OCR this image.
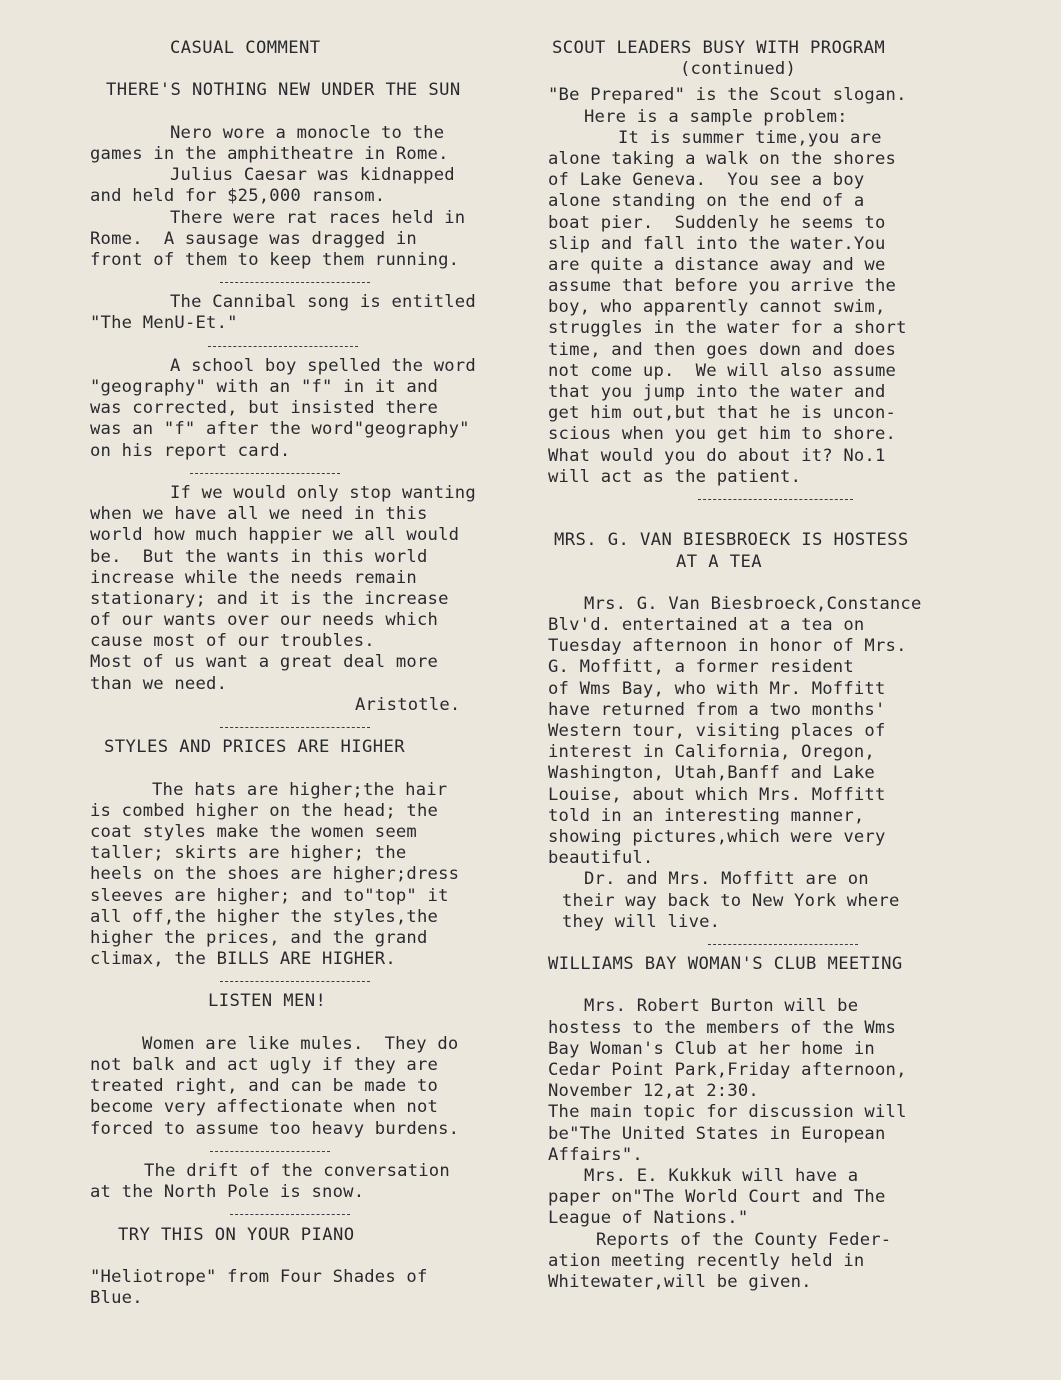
CASUAL COMMENT
THERE'S NOTHING NEW UNDER THE SUN
Nero wore a monocle to the
games in the amphitheatre in Rome.
Julius Caesar was kidnapped
and held for $25,000 ransom.
There were rat races held in
Rome.  A sausage was dragged in
front of them to keep them running.
The Cannibal song is entitled
"The MenU-Et."
A school boy spelled the word
"geography" with an "f" in it and
was corrected, but insisted there
was an "f" after the word"geography"
on his report card.
If we would only stop wanting
when we have all we need in this
world how much happier we all would
be.  But the wants in this world
increase while the needs remain
stationary; and it is the increase
of our wants over our needs which
cause most of our troubles.
Most of us want a great deal more
than we need.
Aristotle.
STYLES AND PRICES ARE HIGHER
The hats are higher;the hair
is combed higher on the head; the
coat styles make the women seem
taller; skirts are higher; the
heels on the shoes are higher;dress
sleeves are higher; and to"top" it
all off,the higher the styles,the
higher the prices, and the grand
climax, the BILLS ARE HIGHER.
LISTEN MEN!
Women are like mules.  They do
not balk and act ugly if they are
treated right, and can be made to
become very affectionate when not
forced to assume too heavy burdens.
The drift of the conversation
at the North Pole is snow.
TRY THIS ON YOUR PIANO
"Heliotrope" from Four Shades of
Blue.
SCOUT LEADERS BUSY WITH PROGRAM
(continued)
"Be Prepared" is the Scout slogan.
Here is a sample problem:
It is summer time,you are
alone taking a walk on the shores
of Lake Geneva.  You see a boy
alone standing on the end of a
boat pier.  Suddenly he seems to
slip and fall into the water.You
are quite a distance away and we
assume that before you arrive the
boy, who apparently cannot swim,
struggles in the water for a short
time, and then goes down and does
not come up.  We will also assume
that you jump into the water and
get him out,but that he is uncon-
scious when you get him to shore.
What would you do about it? No.1
will act as the patient.
MRS. G. VAN BIESBROECK IS HOSTESS
AT A TEA
Mrs. G. Van Biesbroeck,Constance
Blv'd. entertained at a tea on
Tuesday afternoon in honor of Mrs.
G. Moffitt, a former resident
of Wms Bay, who with Mr. Moffitt
have returned from a two months'
Western tour, visiting places of
interest in California, Oregon,
Washington, Utah,Banff and Lake
Louise, about which Mrs. Moffitt
told in an interesting manner,
showing pictures,which were very
beautiful.
Dr. and Mrs. Moffitt are on
their way back to New York where
they will live.
WILLIAMS BAY WOMAN'S CLUB MEETING
Mrs. Robert Burton will be
hostess to the members of the Wms
Bay Woman's Club at her home in
Cedar Point Park,Friday afternoon,
November 12,at 2:30.
The main topic for discussion will
be"The United States in European
Affairs".
Mrs. E. Kukkuk will have a
paper on"The World Court and The
League of Nations."
Reports of the County Feder-
ation meeting recently held in
Whitewater,will be given.
